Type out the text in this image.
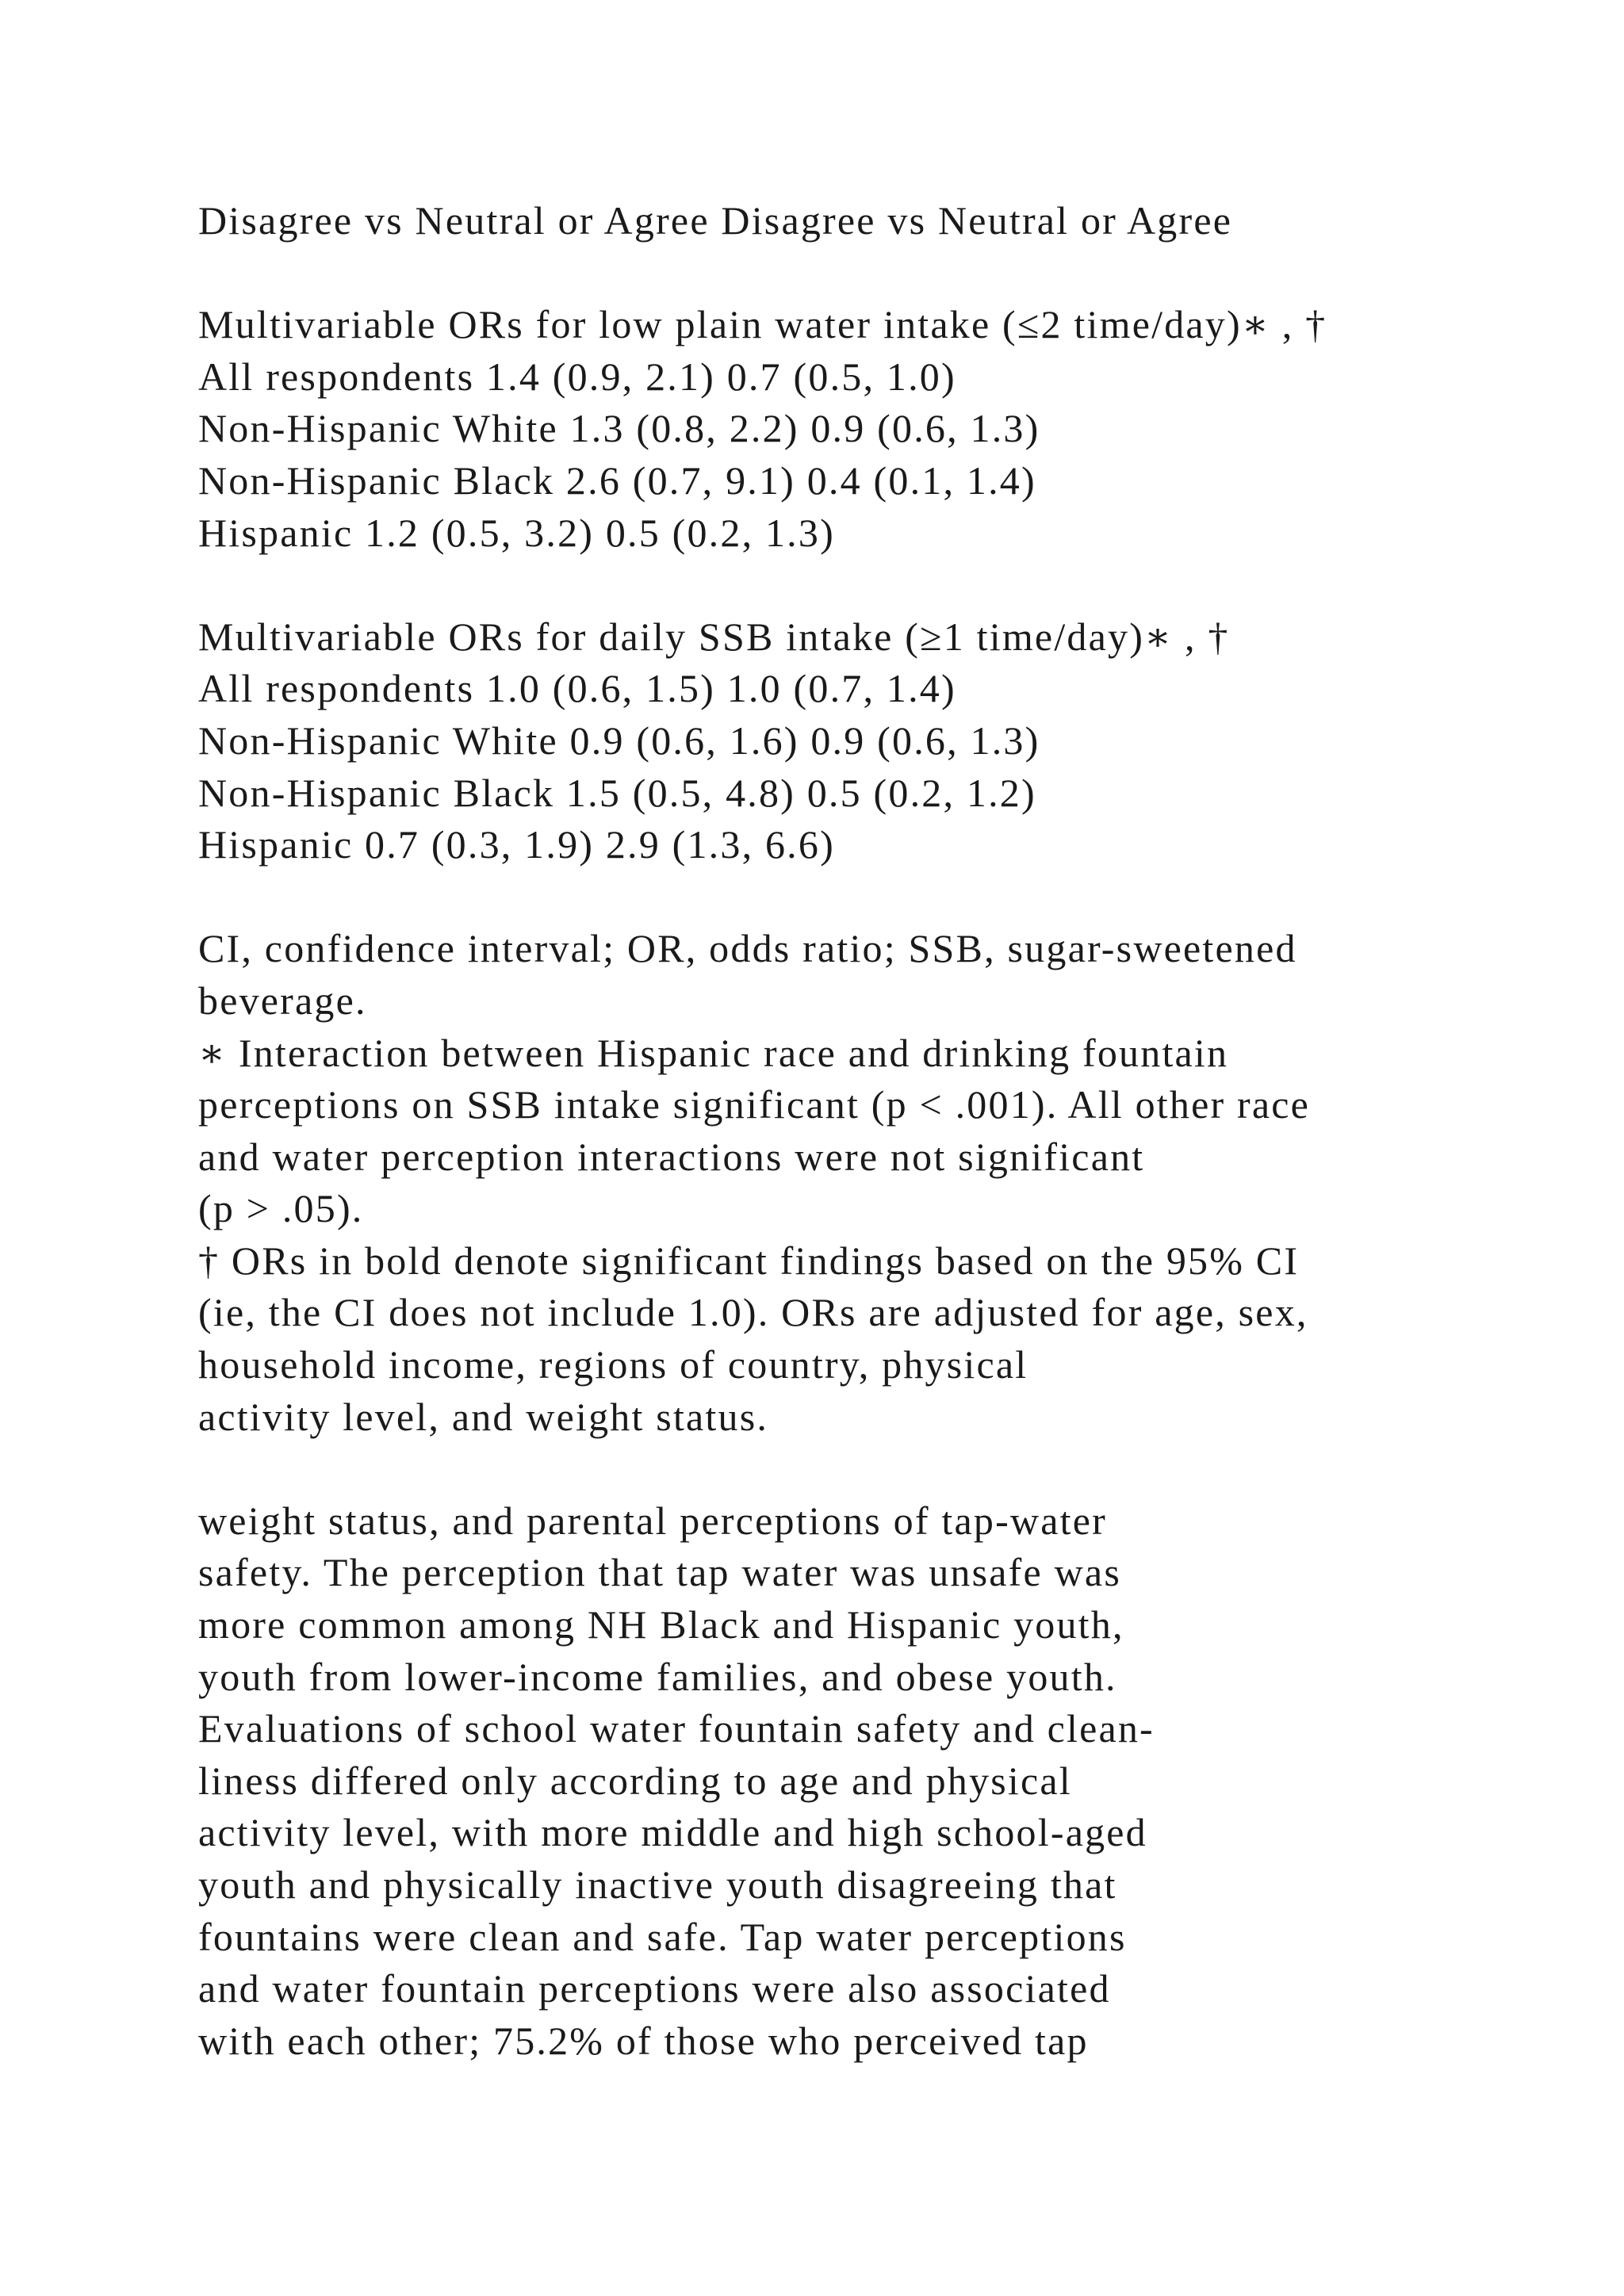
Disagree vs Neutral or Agree Disagree vs Neutral or Agree
Multivariable ORs for low plain water intake (≤2 time/day)∗ , †
All respondents 1.4 (0.9, 2.1) 0.7 (0.5, 1.0)
Non-Hispanic White 1.3 (0.8, 2.2) 0.9 (0.6, 1.3)
Non-Hispanic Black 2.6 (0.7, 9.1) 0.4 (0.1, 1.4)
Hispanic 1.2 (0.5, 3.2) 0.5 (0.2, 1.3)
Multivariable ORs for daily SSB intake (≥1 time/day)∗ , †
All respondents 1.0 (0.6, 1.5) 1.0 (0.7, 1.4)
Non-Hispanic White 0.9 (0.6, 1.6) 0.9 (0.6, 1.3)
Non-Hispanic Black 1.5 (0.5, 4.8) 0.5 (0.2, 1.2)
Hispanic 0.7 (0.3, 1.9) 2.9 (1.3, 6.6)
CI, confidence interval; OR, odds ratio; SSB, sugar-sweetened
beverage.
∗ Interaction between Hispanic race and drinking fountain
perceptions on SSB intake significant (p < .001). All other race
and water perception interactions were not significant
(p > .05).
† ORs in bold denote significant findings based on the 95% CI
(ie, the CI does not include 1.0). ORs are adjusted for age, sex,
household income, regions of country, physical
activity level, and weight status.
weight status, and parental perceptions of tap-water
safety. The perception that tap water was unsafe was
more common among NH Black and Hispanic youth,
youth from lower-income families, and obese youth.
Evaluations of school water fountain safety and clean-
liness differed only according to age and physical
activity level, with more middle and high school-aged
youth and physically inactive youth disagreeing that
fountains were clean and safe. Tap water perceptions
and water fountain perceptions were also associated
with each other; 75.2% of those who perceived tap
